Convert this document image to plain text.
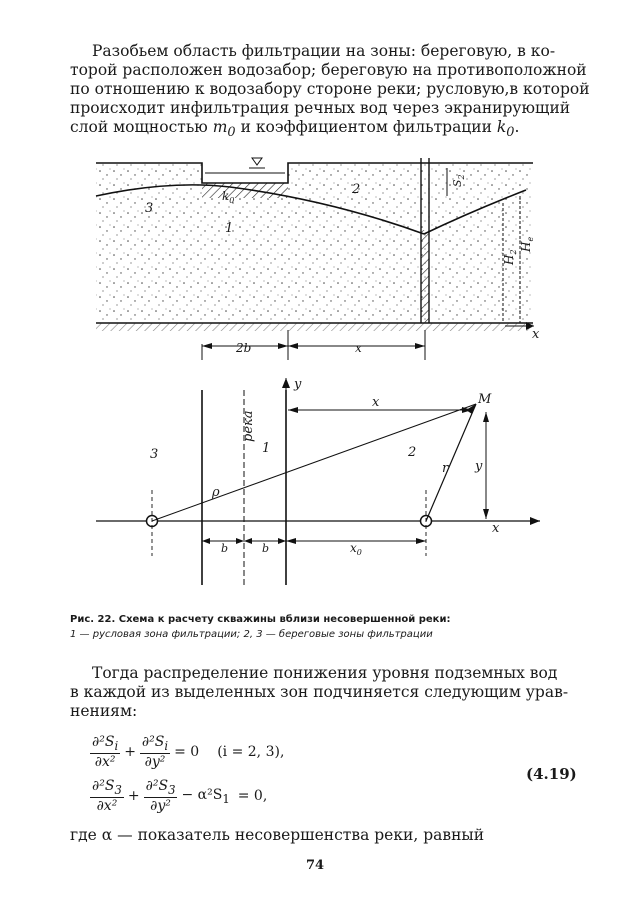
Разобьем область фильтрации на зоны: береговую, в ко-
торой расположен водозабор; береговую на противоположной
по отношению к водозабору стороне реки; русловую,в которой
происходит инфильтрация речных вод через экранирующий
слой мощностью $m_0$ и коэффициентом фильтрации $k_0$.
3
1
2
$k_0$
$S_2$
$H_2$ $H_e$
2b	x
x
река
3	1	2
y
x
M
x
y
ρ
r
b	b	$x_0$
Рис. 22. Схема к расчету скважины вблизи несовершенной реки:
1 — русловая зона фильтрации; 2, 3 — береговые зоны фильтрации
Тогда распределение понижения уровня подземных вод
в каждой из выделенных зон подчиняется следующим урав-
нениям:
$\frac{\partial^2S_i}{\text{∂x²}} + \frac{\partial^2S_i}{\text{∂y²}} = 0$ (i = 2, 3),
$\frac{\partial^2S_3}{\text{∂x²}} + \frac{\partial^2S_3}{\text{∂y²}} - \alpha^2S_1 = 0$,
(4.19)
где α — показатель несовершенства реки, равный
74
